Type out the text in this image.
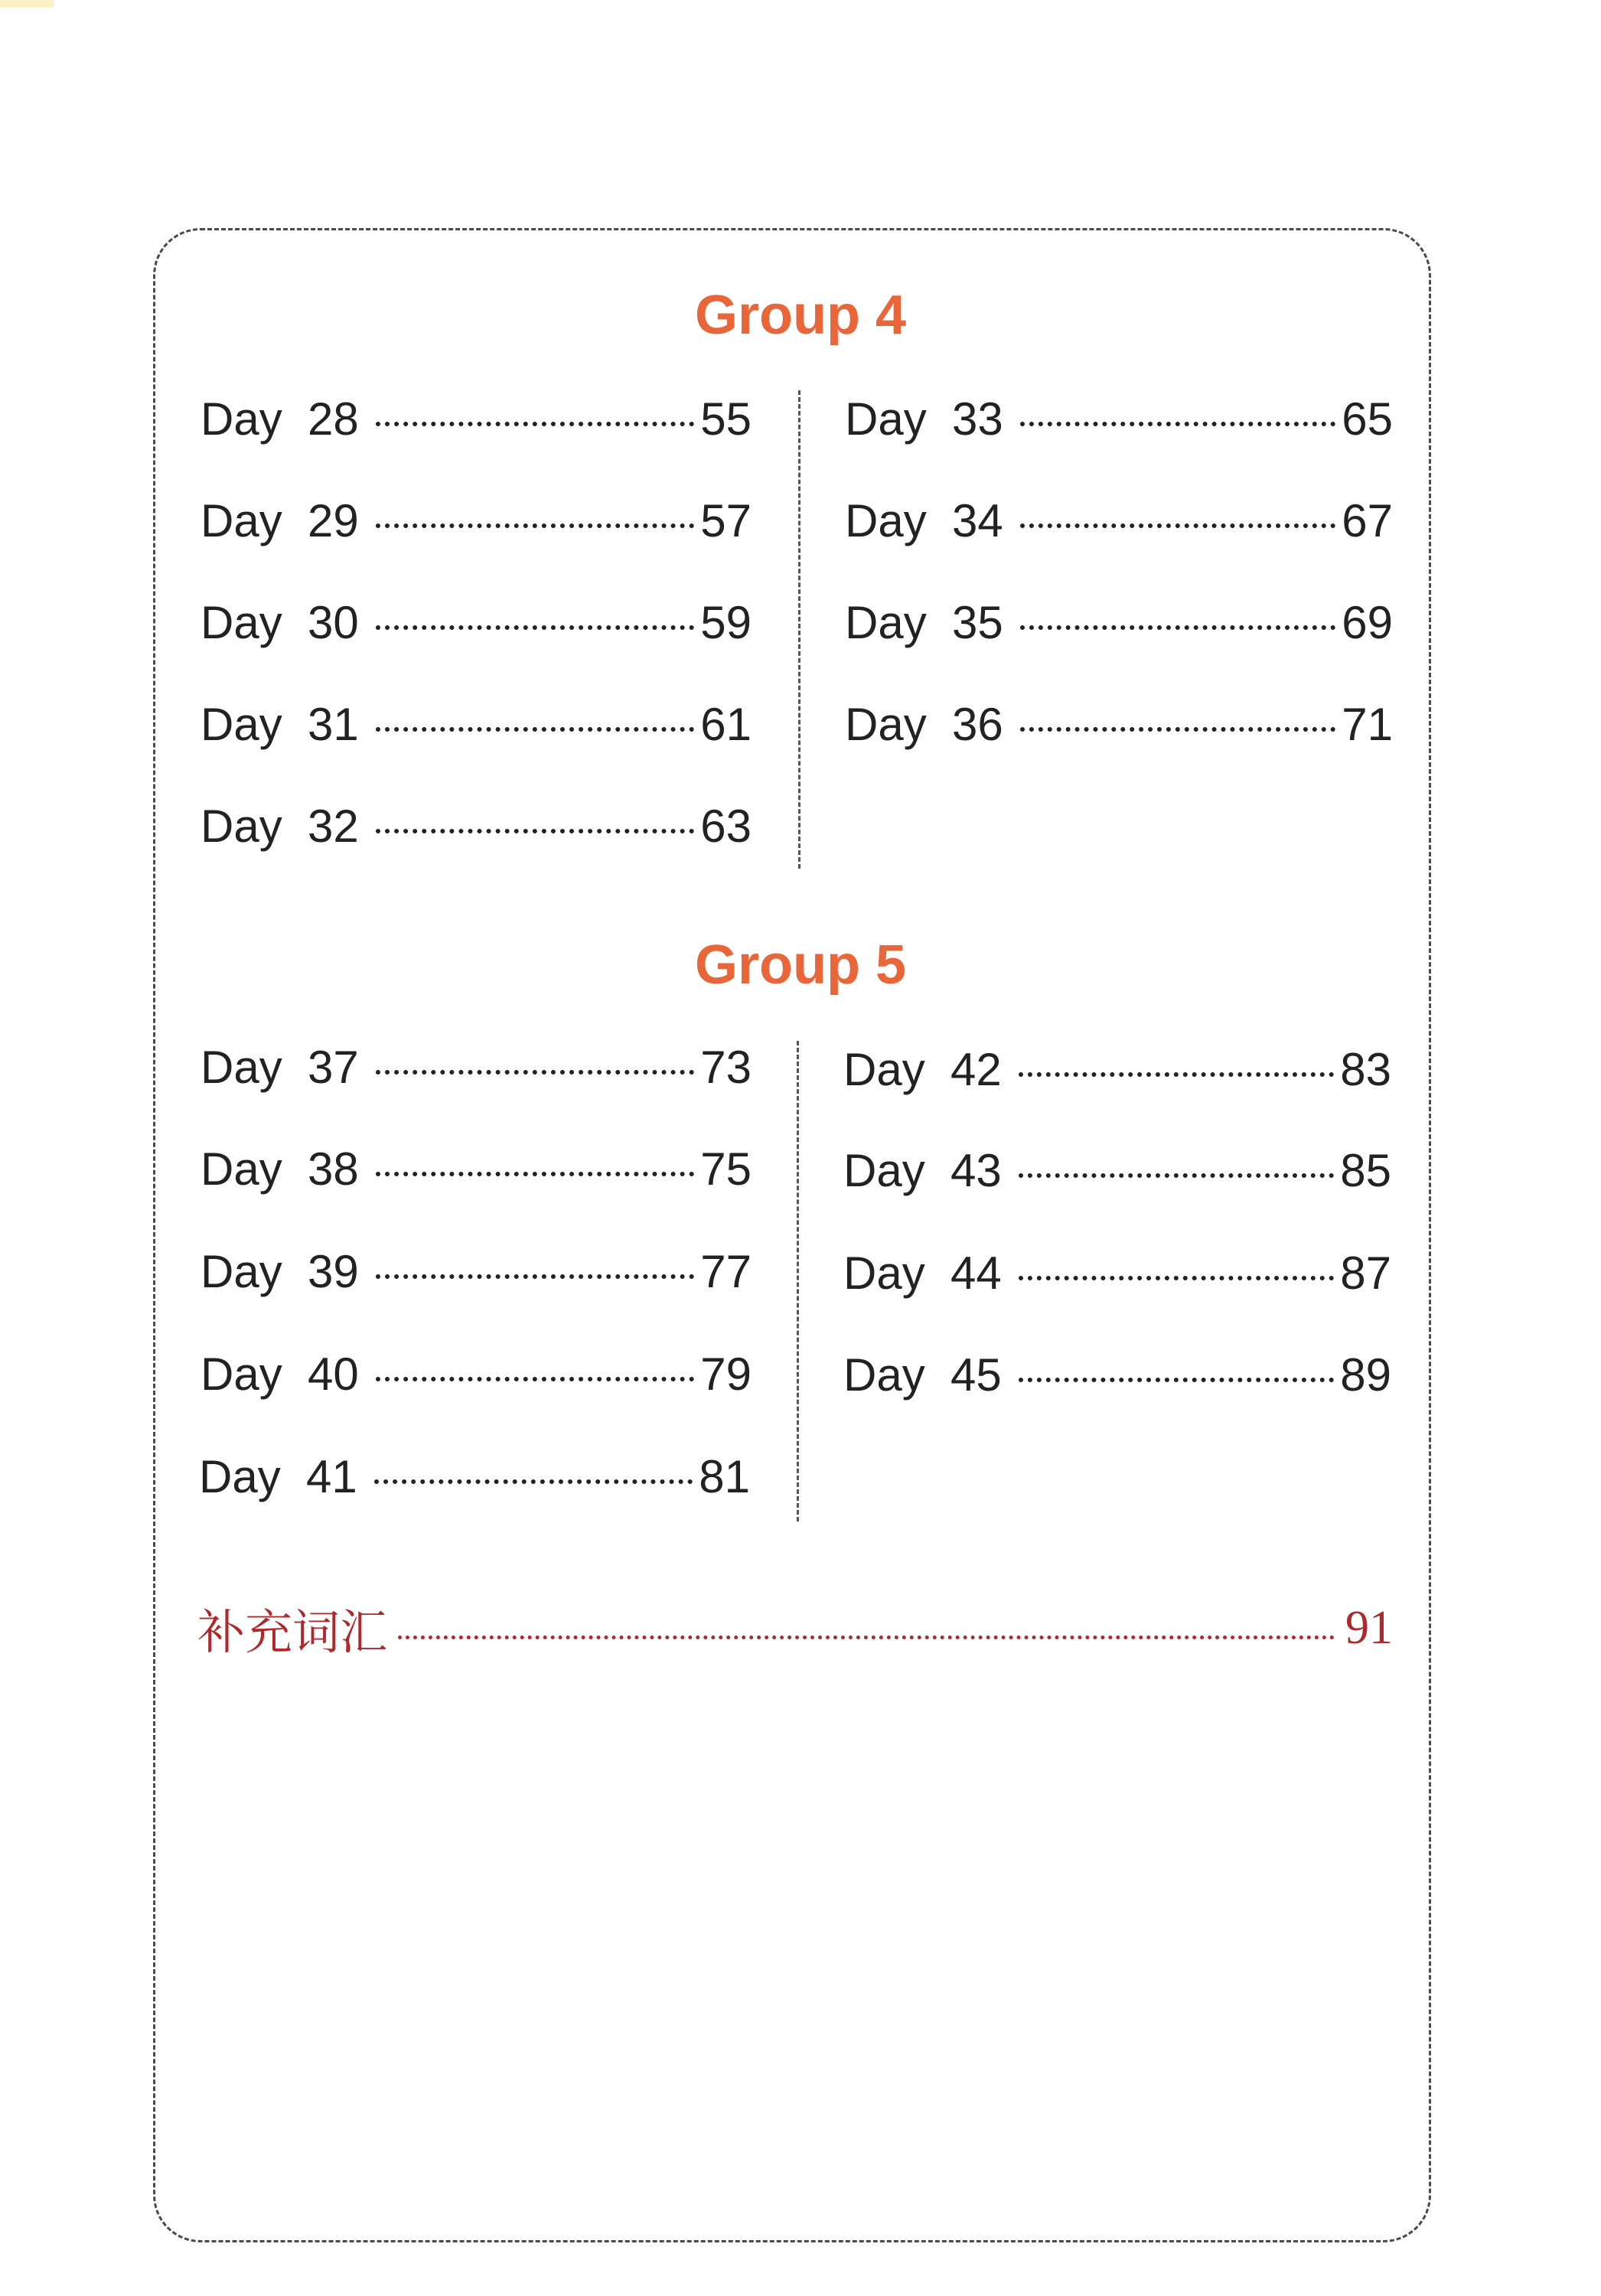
Group 4
Day  28	55
Day  29	57
Day  30	59
Day  31	61
Day  32	63
Day  33	65
Day  34	67
Day  35	69
Day  36	71
Group 5
Day  37	73
Day  38	75
Day  39	77
Day  40	79
Day  41	81
Day  42	83
Day  43	85
Day  44	87
Day  45	89
补充词汇	91
